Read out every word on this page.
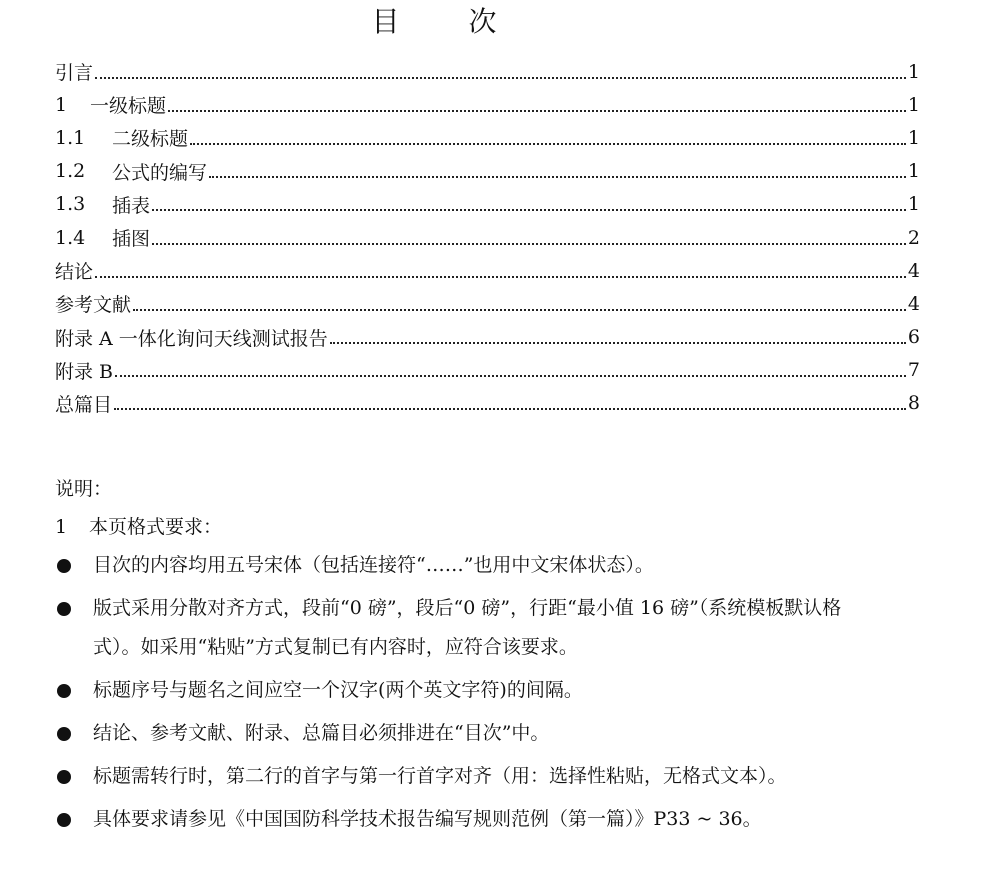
目 次
引言	1
1	一级标题	1
1.1	二级标题	1
1.2	公式的编写	1
1.3	插表	1
1.4	插图	2
结论	4
参考文献	4
附录 A 一体化询问天线测试报告	6
附录 B	7
总篇目	8
说明：
1 本页格式要求：
目次的内容均用五号宋体（包括连接符“……”也用中文宋体状态）。
版式采用分散对齐方式，段前“0 磅”，段后“0 磅”，行距“最小值 16 磅”（系统模板默认格式）。如采用“粘贴”方式复制已有内容时，应符合该要求。
标题序号与题名之间应空一个汉字(两个英文字符)的间隔。
结论、参考文献、附录、总篇目必须排进在“目次”中。
标题需转行时，第二行的首字与第一行首字对齐（用：选择性粘贴，无格式文本）。
具体要求请参见《中国国防科学技术报告编写规则范例（第一篇）》P33 ~ 36。
